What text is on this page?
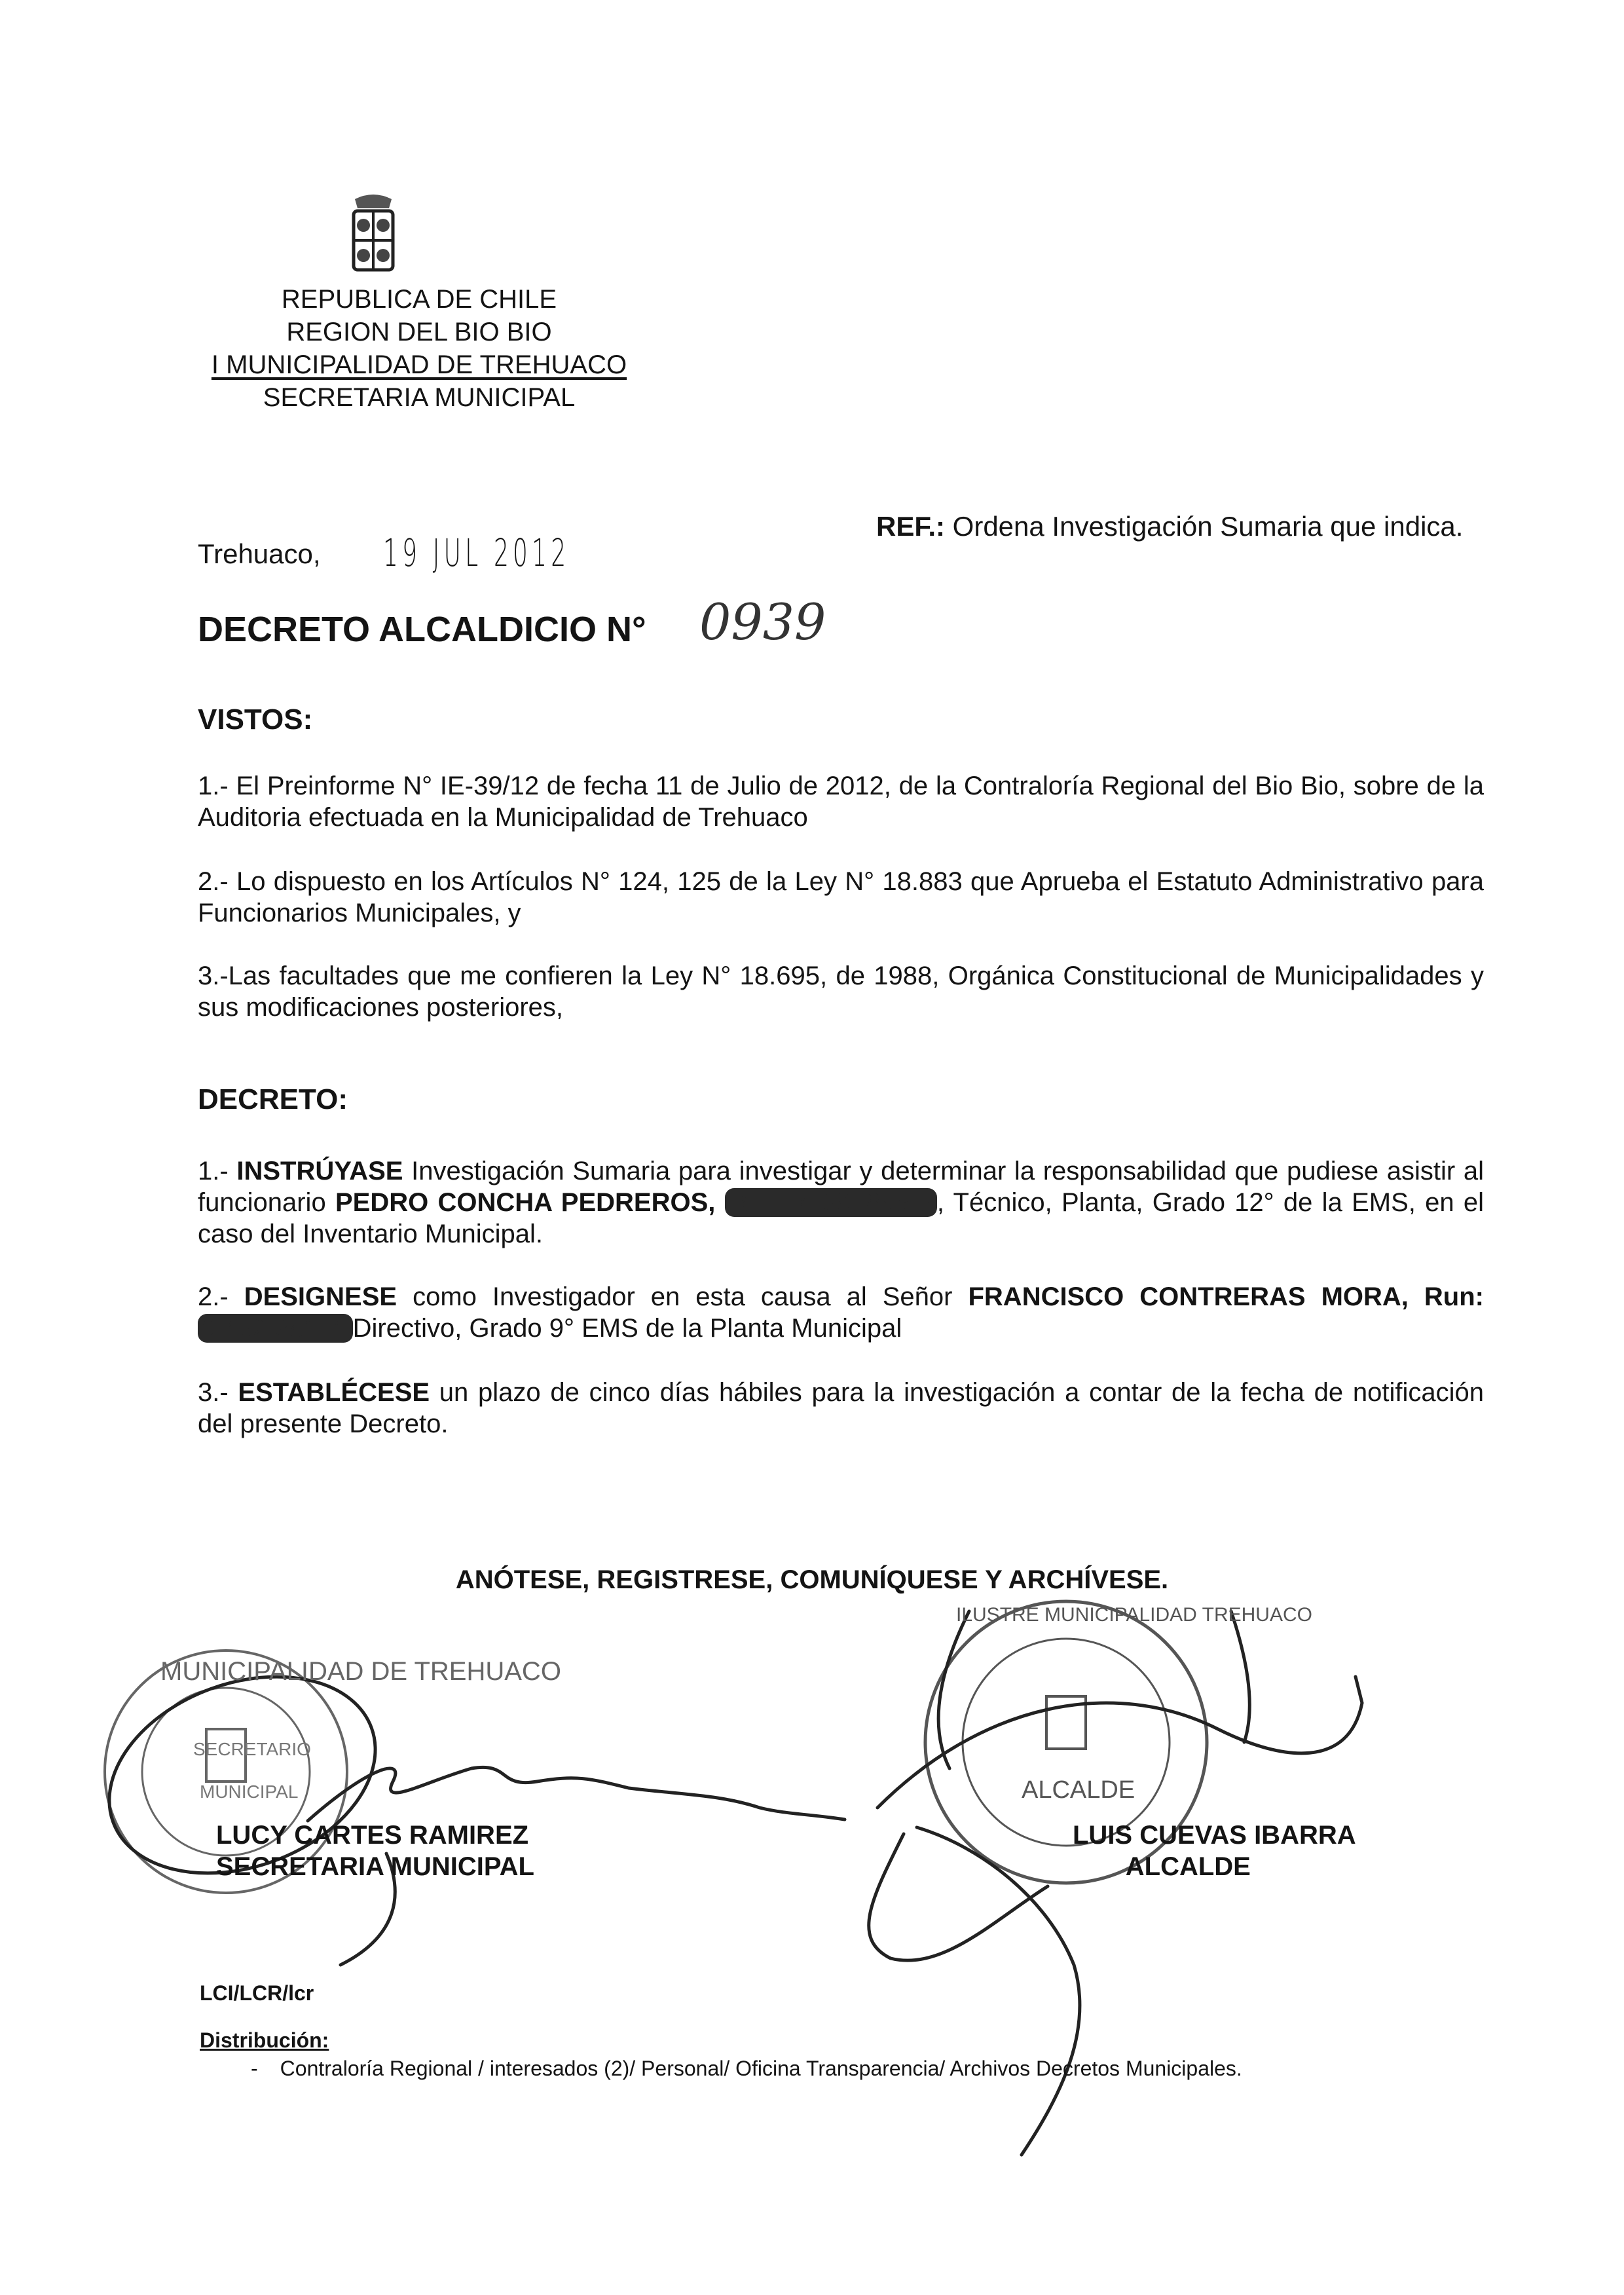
REPUBLICA DE CHILE
REGION DEL BIO BIO
I MUNICIPALIDAD DE TREHUACO
SECRETARIA MUNICIPAL
Trehuaco, 19 JUL 2012
REF.: Ordena Investigación Sumaria que indica.
DECRETO ALCALDICIO N° 0939
VISTOS:
1.- El Preinforme N° IE-39/12 de fecha 11 de Julio de 2012, de la Contraloría Regional del Bio Bio, sobre de la Auditoria efectuada en la Municipalidad de Trehuaco
2.- Lo dispuesto en los Artículos N° 124, 125 de la Ley N° 18.883 que Aprueba el Estatuto Administrativo para Funcionarios Municipales, y
3.-Las facultades que me confieren la Ley N° 18.695, de 1988, Orgánica Constitucional de Municipalidades y sus modificaciones posteriores,
DECRETO:
1.- INSTRÚYASE Investigación Sumaria para investigar y determinar la responsabilidad que pudiese asistir al funcionario PEDRO CONCHA PEDREROS, Run: 7.390.865-5 , Técnico, Planta, Grado 12° de la EMS, en el caso del Inventario Municipal.
2.- DESIGNESE como Investigador en esta causa al Señor FRANCISCO CONTRERAS MORA, Run: 6.452.281-7, Directivo, Grado 9° EMS de la Planta Municipal
3.- ESTABLÉCESE un plazo de cinco días hábiles para la investigación a contar de la fecha de notificación del presente Decreto.
ANÓTESE, REGISTRESE, COMUNÍQUESE Y ARCHÍVESE.
MUNICIPALIDAD DE TREHUACO
SECRETARIO
MUNICIPAL
ILUSTRE MUNICIPALIDAD TREHUACO
ALCALDE
LUCY CARTES RAMIREZ
SECRETARIA MUNICIPAL
LUIS CUEVAS IBARRA
ALCALDE
LCI/LCR/lcr
Distribución:
- Contraloría Regional / interesados (2)/ Personal/ Oficina Transparencia/ Archivos Decretos Municipales.
